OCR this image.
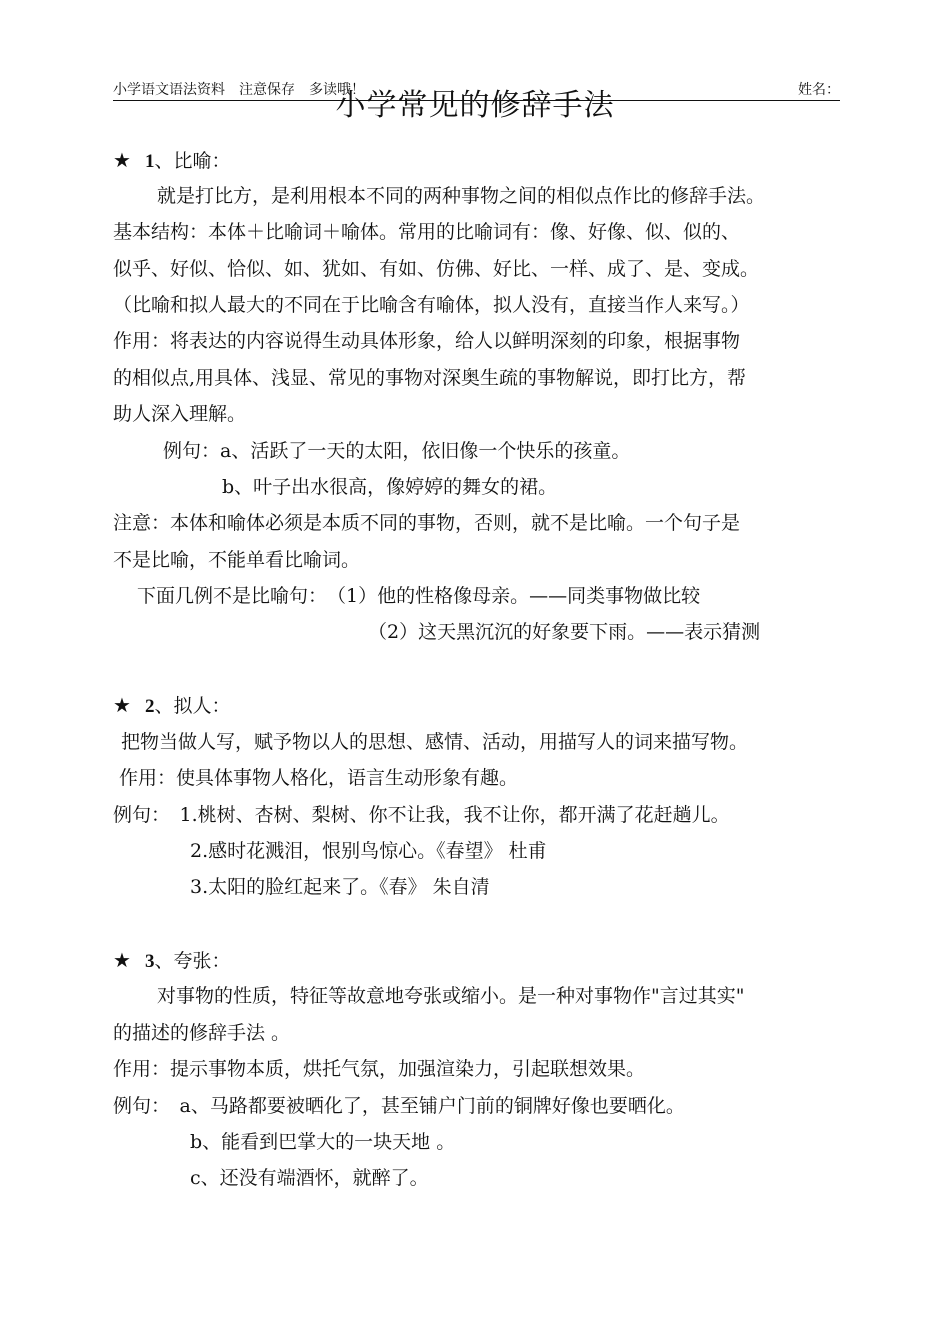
小学语文语法资料　注意保存　多读哦！	姓名：
小学常见的修辞手法
★ 1、比喻：
就是打比方，是利用根本不同的两种事物之间的相似点作比的修辞手法。
基本结构：本体＋比喻词＋喻体。常用的比喻词有：像、好像、似、似的、
似乎、好似、恰似、如、犹如、有如、仿佛、好比、一样、成了、是、变成。
（比喻和拟人最大的不同在于比喻含有喻体，拟人没有，直接当作人来写。）
作用：将表达的内容说得生动具体形象，给人以鲜明深刻的印象，根据事物
的相似点,用具体、浅显、常见的事物对深奥生疏的事物解说，即打比方，帮
助人深入理解。
例句：a、活跃了一天的太阳，依旧像一个快乐的孩童。
b、叶子出水很高，像婷婷的舞女的裙。
注意：本体和喻体必须是本质不同的事物，否则，就不是比喻。一个句子是
不是比喻，不能单看比喻词。
下面几例不是比喻句：　（1）他的性格像母亲。——同类事物做比较
（2）这天黑沉沉的好象要下雨。——表示猜测
★ 2、拟人：
把物当做人写，赋予物以人的思想、感情、活动，用描写人的词来描写物。
作用：使具体事物人格化，语言生动形象有趣。
例句：　1.桃树、杏树、梨树、你不让我，我不让你，都开满了花赶趟儿。
2.感时花溅泪，恨别鸟惊心。《春望》 杜甫
3.太阳的脸红起来了。《春》 朱自清
★ 3、夸张：
对事物的性质，特征等故意地夸张或缩小。是一种对事物作"言过其实"
的描述的修辞手法 。
作用：提示事物本质，烘托气氛，加强渲染力，引起联想效果。
例句：　a、马路都要被晒化了，甚至铺户门前的铜牌好像也要晒化。
b、能看到巴掌大的一块天地 。
c、还没有端酒怀，就醉了。
